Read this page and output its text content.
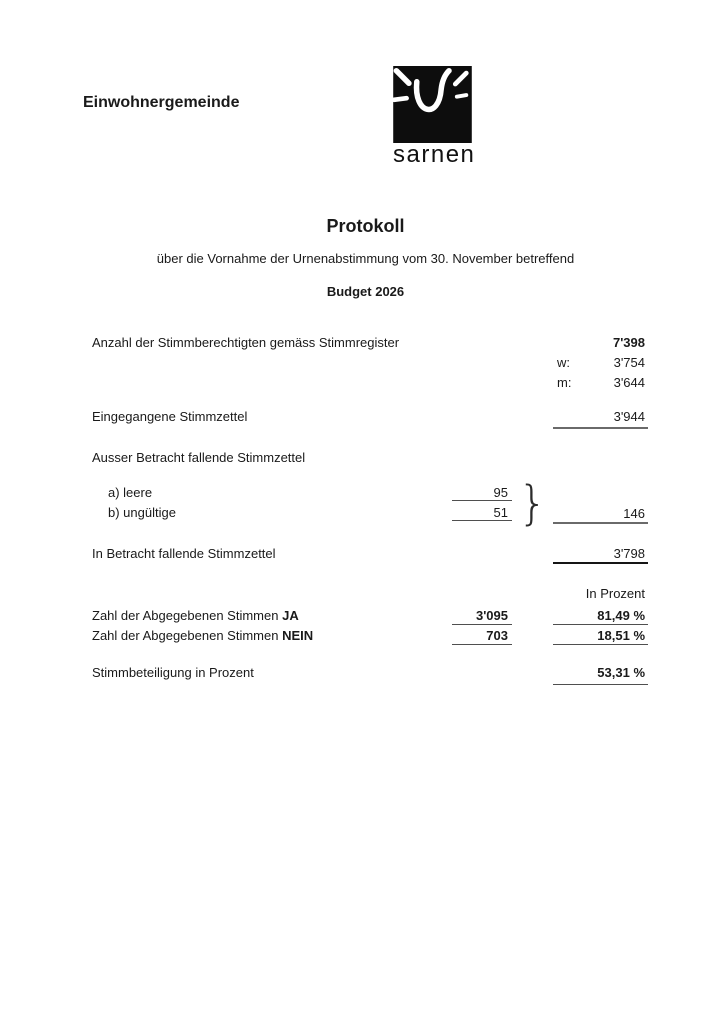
Einwohnergemeinde
sarnen
Protokoll
über die Vornahme der Urnenabstimmung vom 30. November betreffend
Budget 2026
Anzahl der Stimmberechtigten gemäss Stimmregister	7'398
w:	3'754
m:	3'644
Eingegangene Stimmzettel	3'944
Ausser Betracht fallende Stimmzettel
a) leere	95
b) ungültige	51 }	146
In Betracht fallende Stimmzettel	3'798
In Prozent
Zahl der Abgegebenen Stimmen JA	3'095	81,49 %
Zahl der Abgegebenen Stimmen NEIN	703	18,51 %
Stimmbeteiligung in Prozent	53,31 %
